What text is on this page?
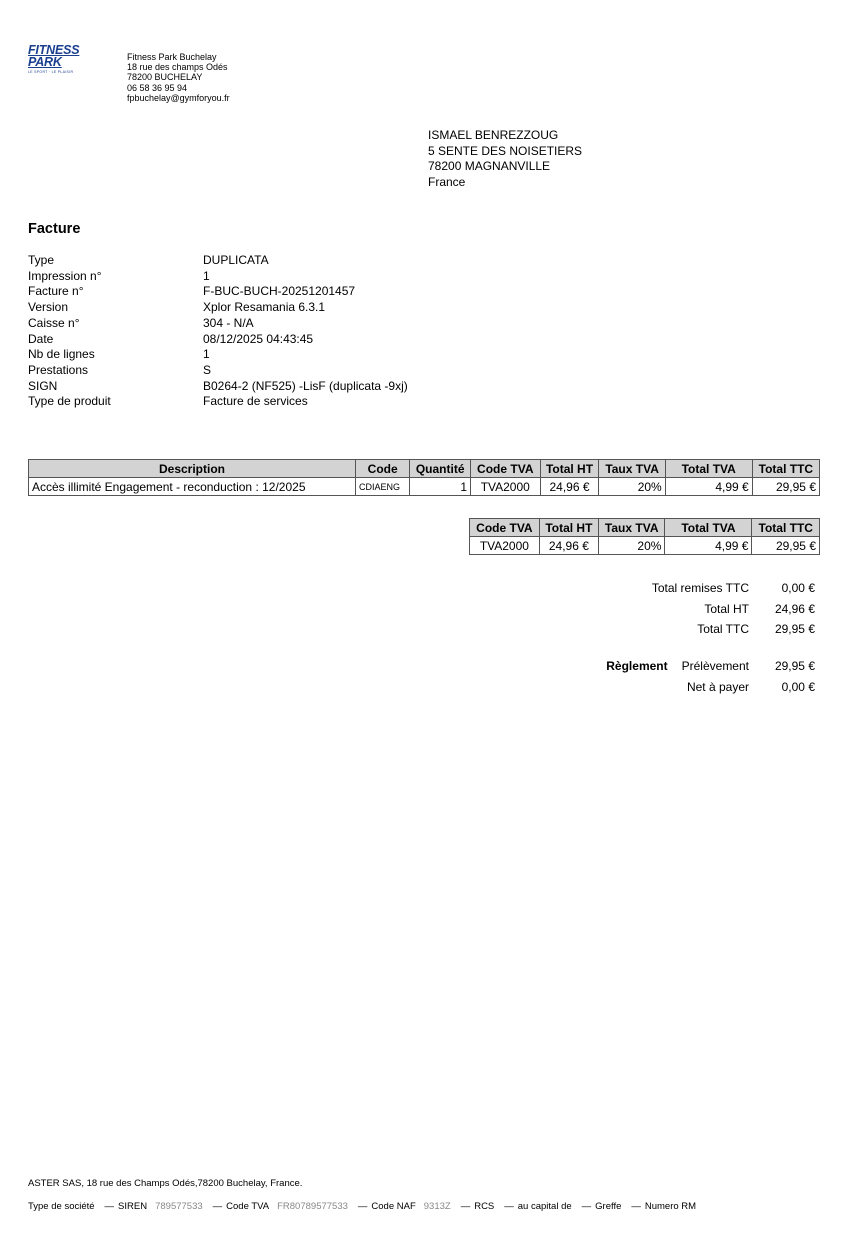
FITNESS PARK
LE SPORT · LE PLAISIR
Fitness Park Buchelay
18 rue des champs Odés
78200 BUCHELAY
06 58 36 95 94
fpbuchelay@gymforyou.fr
ISMAEL BENREZZOUG
5 SENTE DES NOISETIERS
78200 MAGNANVILLE
France
Facture
Type	DUPLICATA
Impression n°	1
Facture n°	F-BUC-BUCH-20251201457
Version	Xplor Resamania 6.3.1
Caisse n°	304 - N/A
Date	08/12/2025 04:43:45
Nb de lignes	1
Prestations	S
SIGN	B0264-2 (NF525) -LisF (duplicata -9xj)
Type de produit	Facture de services
Description	Code	Quantité	Code TVA	Total HT	Taux TVA	Total TVA	Total TTC
Accès illimité Engagement - reconduction : 12/2025	CDIAENG	1	TVA2000	24,96 €	20%	4,99 €	29,95 €
Code TVA	Total HT	Taux TVA	Total TVA	Total TTC
TVA2000	24,96 €	20%	4,99 €	29,95 €
Total remises TTC	0,00 €
Total HT	24,96 €
Total TTC	29,95 €
Règlement Prélèvement	29,95 €
Net à payer	0,00 €
ASTER SAS, 18 rue des Champs Odés,78200 Buchelay, France.
Type de société — SIREN 789577533 — Code TVA FR80789577533 — Code NAF 9313Z — RCS — au capital de — Greffe — Numero RM
